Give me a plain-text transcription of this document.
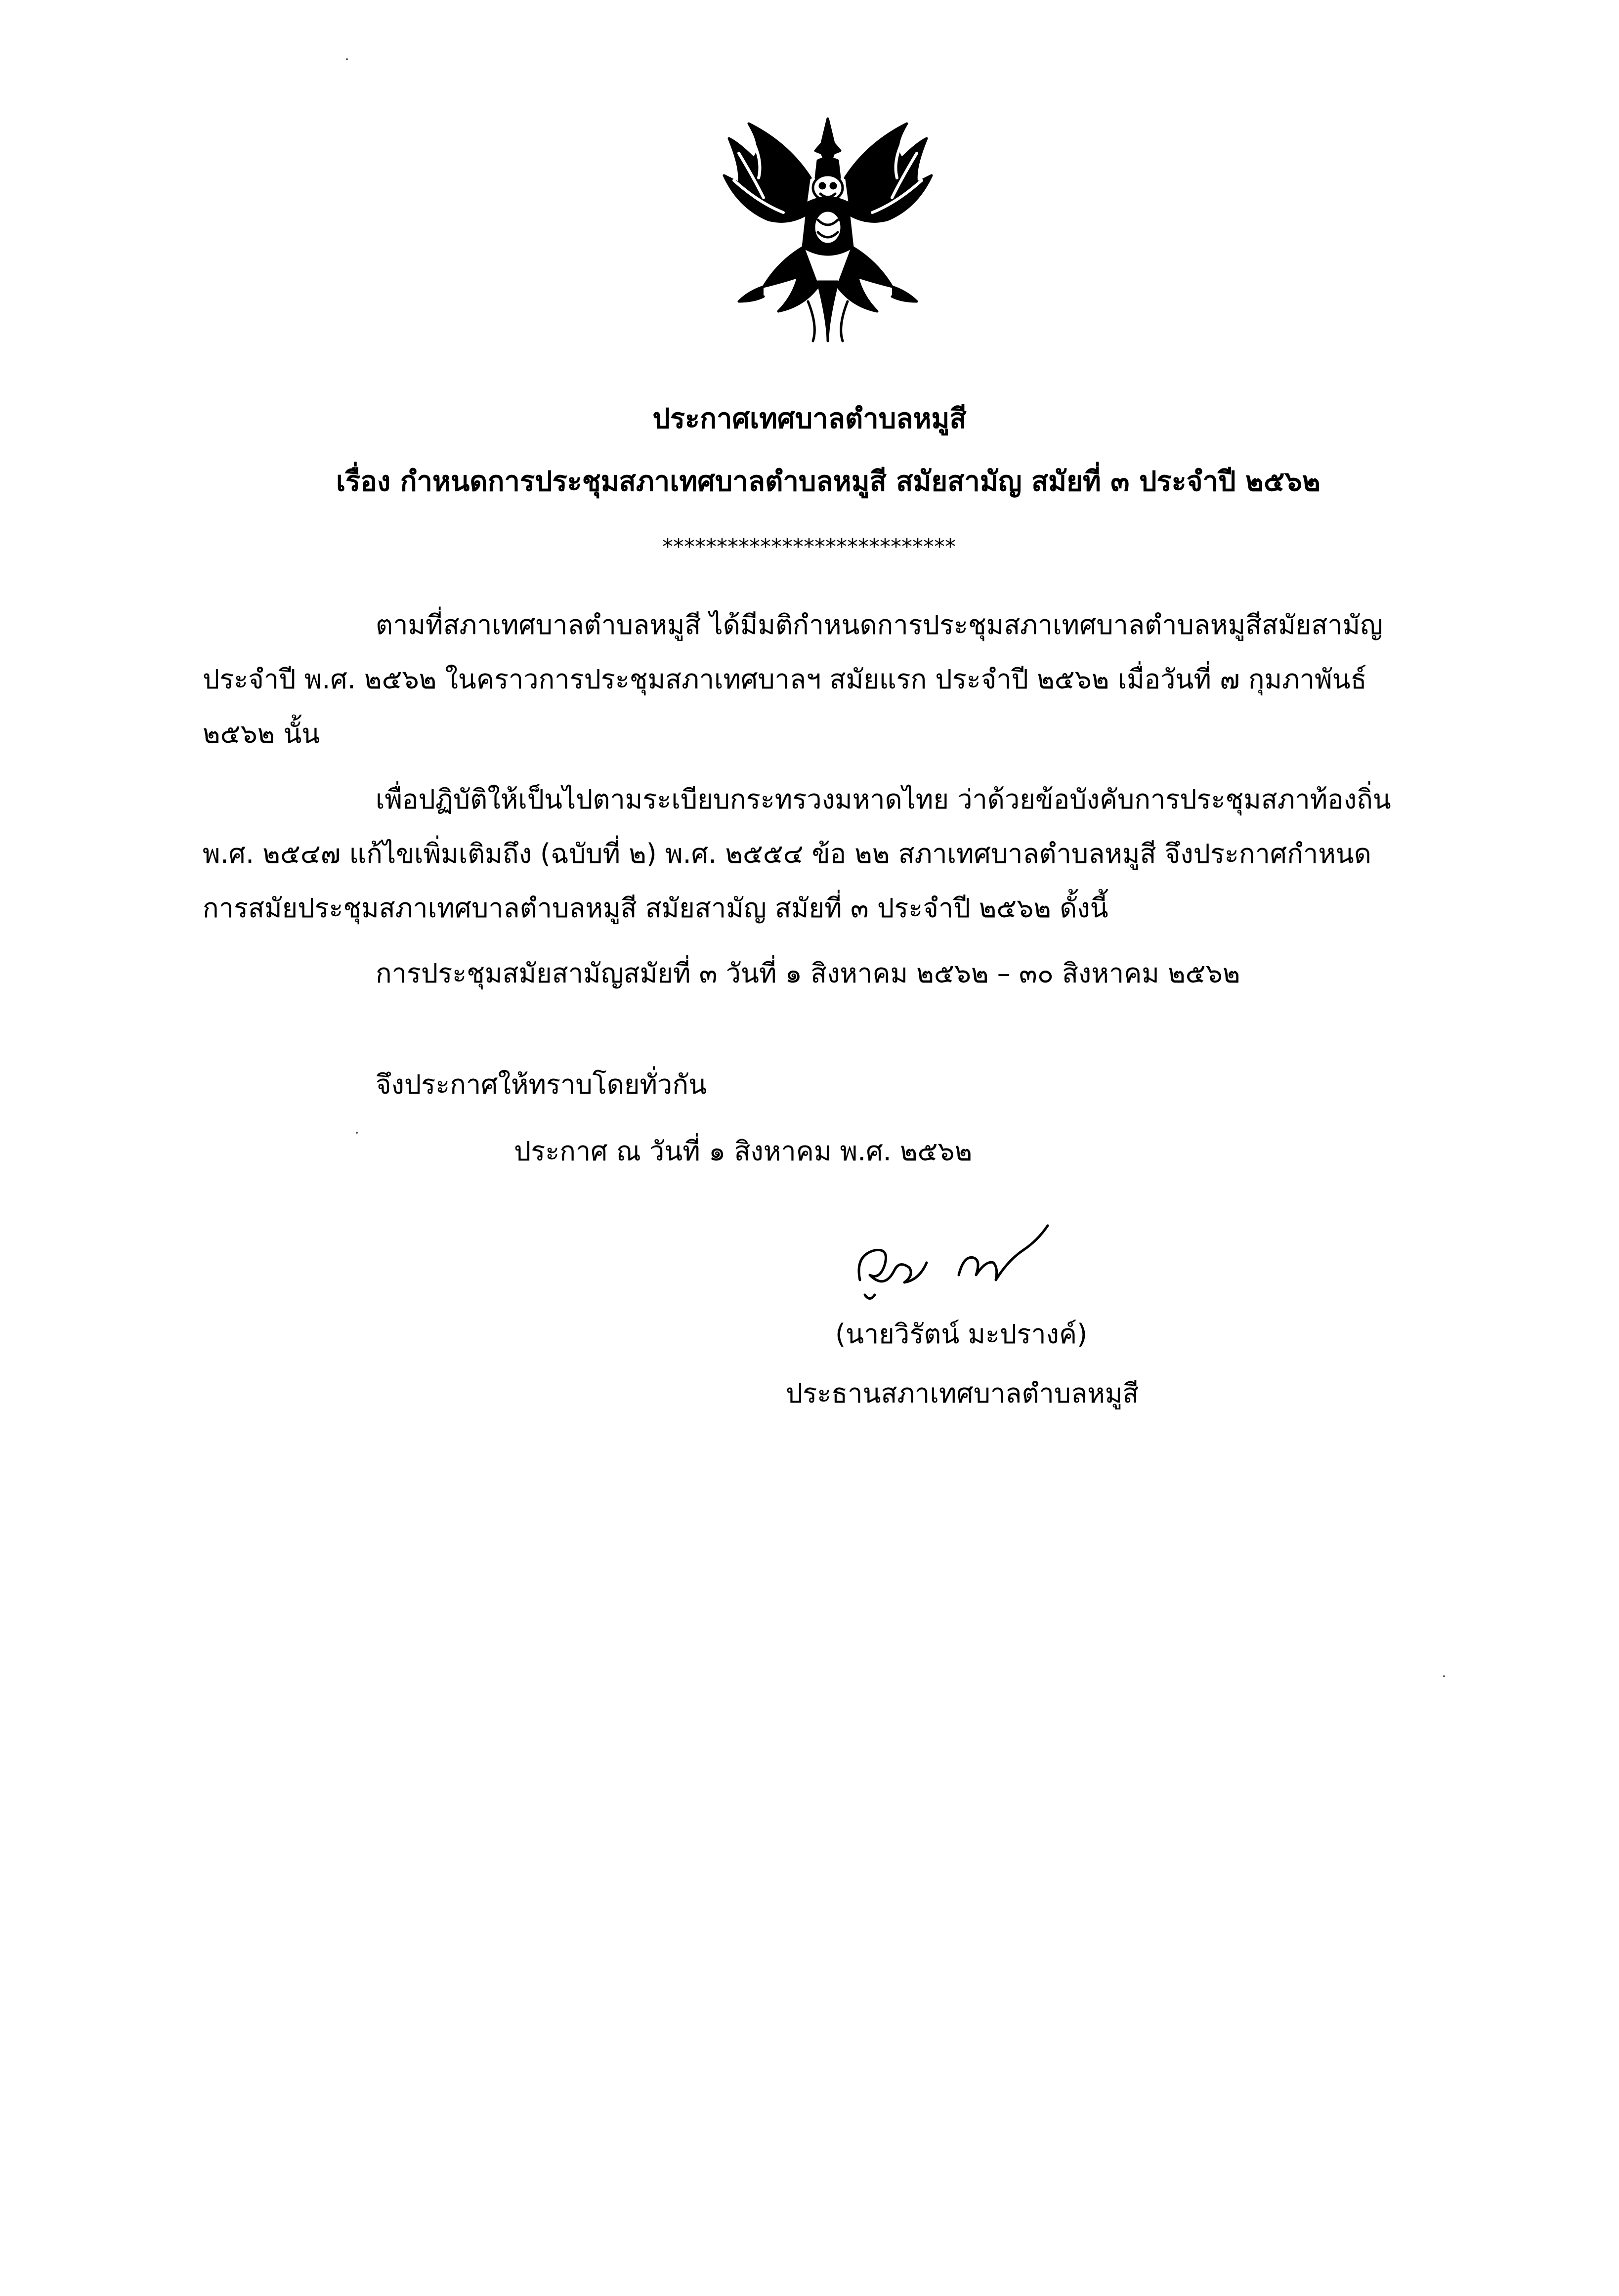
ประกาศเทศบาลตำบลหมูสี
เรื่อง กำหนดการประชุมสภาเทศบาลตำบลหมูสี สมัยสามัญ สมัยที่ ๓ ประจำปี ๒๕๖๒
***************************
ตามที่สภาเทศบาลตำบลหมูสี ได้มีมติกำหนดการประชุมสภาเทศบาลตำบลหมูสีสมัยสามัญ
ประจำปี พ.ศ. ๒๕๖๒ ในคราวการประชุมสภาเทศบาลฯ สมัยแรก ประจำปี ๒๕๖๒ เมื่อวันที่ ๗ กุมภาพันธ์
๒๕๖๒ นั้น
เพื่อปฏิบัติให้เป็นไปตามระเบียบกระทรวงมหาดไทย ว่าด้วยข้อบังคับการประชุมสภาท้องถิ่น
พ.ศ. ๒๕๔๗ แก้ไขเพิ่มเติมถึง (ฉบับที่ ๒) พ.ศ. ๒๕๕๔ ข้อ ๒๒ สภาเทศบาลตำบลหมูสี จึงประกาศกำหนด
การสมัยประชุมสภาเทศบาลตำบลหมูสี สมัยสามัญ สมัยที่ ๓ ประจำปี ๒๕๖๒ ดั้งนี้
การประชุมสมัยสามัญสมัยที่ ๓ วันที่ ๑ สิงหาคม ๒๕๖๒ – ๓๐ สิงหาคม ๒๕๖๒
จึงประกาศให้ทราบโดยทั่วกัน
ประกาศ ณ วันที่ ๑ สิงหาคม พ.ศ. ๒๕๖๒
(นายวิรัตน์ มะปรางค์)
ประธานสภาเทศบาลตำบลหมูสี
